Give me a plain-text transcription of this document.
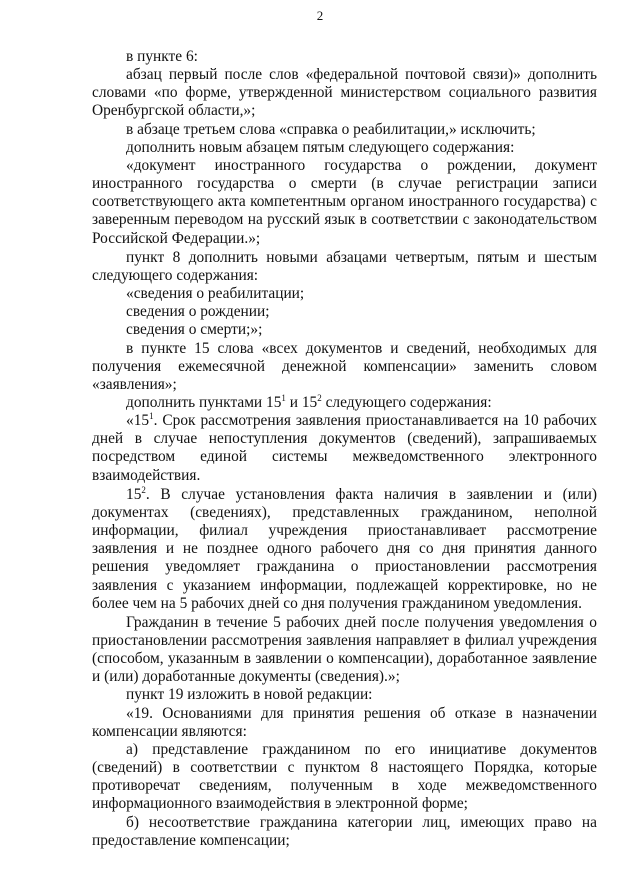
2

в пункте 6:

абзац первый после слов «федеральной почтовой связи)» дополнить словами «по форме, утвержденной министерством социального развития Оренбургской области,»;

в абзаце третьем слова «справка о реабилитации,» исключить;

дополнить новым абзацем пятым следующего содержания:

«документ иностранного государства о рождении, документ иностранного государства о смерти (в случае регистрации записи соответствующего акта компетентным органом иностранного государства) с заверенным переводом на русский язык в соответствии с законодательством Российской Федерации.»;

пункт 8 дополнить новыми абзацами четвертым, пятым и шестым следующего содержания:

«сведения о реабилитации;

сведения о рождении;

сведения о смерти;»;

в пункте 15 слова «всех документов и сведений, необходимых для получения ежемесячной денежной компенсации» заменить словом «заявления»;

дополнить пунктами $15^1$ и $15^2$ следующего содержания:

«$15^1$. Срок рассмотрения заявления приостанавливается на 10 рабочих дней в случае непоступления документов (сведений), запрашиваемых посредством единой системы межведомственного электронного взаимодействия.

$15^2$. В случае установления факта наличия в заявлении и (или) документах (сведениях), представленных гражданином, неполной информации, филиал учреждения приостанавливает рассмотрение заявления и не позднее одного рабочего дня со дня принятия данного решения уведомляет гражданина о приостановлении рассмотрения заявления с указанием информации, подлежащей корректировке, но не более чем на 5 рабочих дней со дня получения гражданином уведомления.

Гражданин в течение 5 рабочих дней после получения уведомления о приостановлении рассмотрения заявления направляет в филиал учреждения (способом, указанным в заявлении о компенсации), доработанное заявление и (или) доработанные документы (сведения).»;

пункт 19 изложить в новой редакции:

«19. Основаниями для принятия решения об отказе в назначении компенсации являются:

а) представление гражданином по его инициативе документов (сведений) в соответствии с пунктом 8 настоящего Порядка, которые противоречат сведениям, полученным в ходе межведомственного информационного взаимодействия в электронной форме;

б) несоответствие гражданина категории лиц, имеющих право на предоставление компенсации;
